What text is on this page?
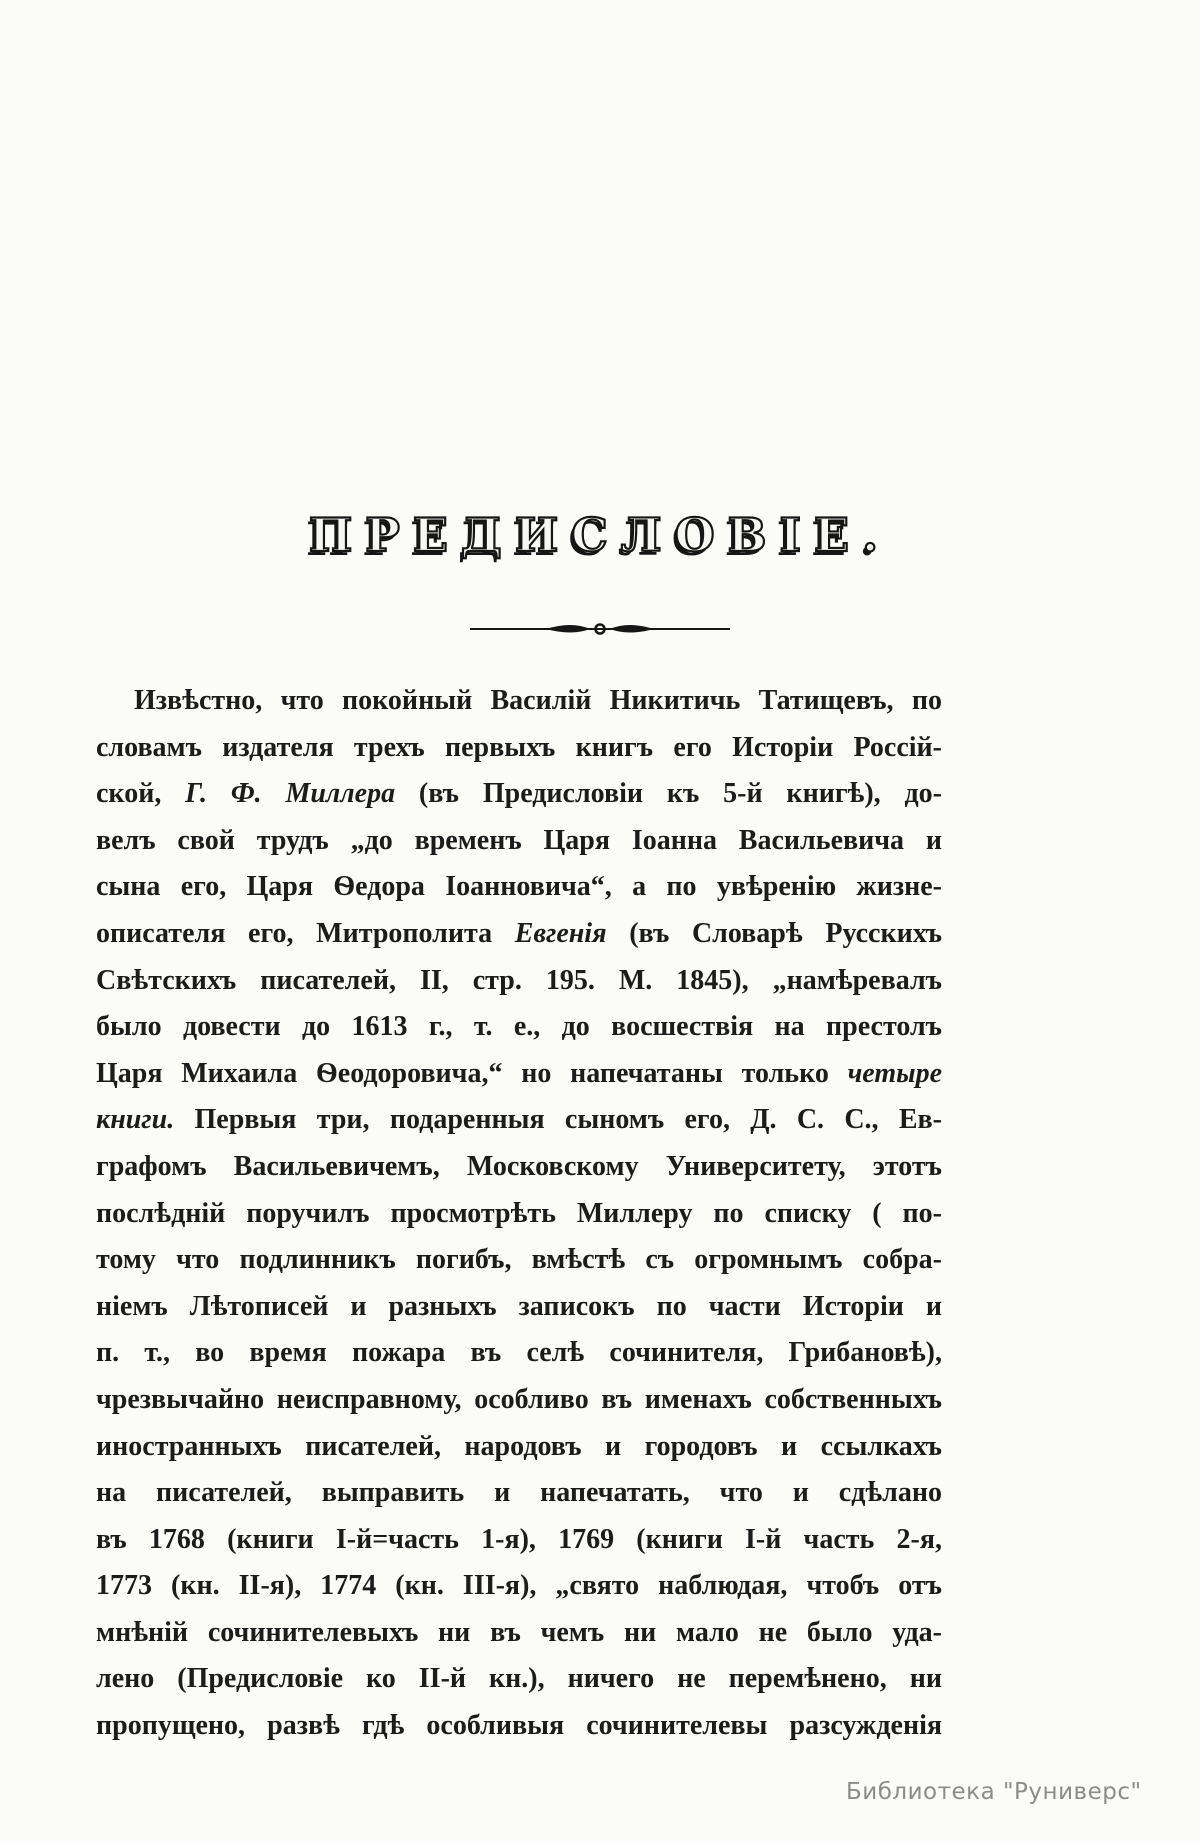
ПРЕДИСЛОВІЕ.
Извѣстно, что покойный Василій Никитичь Татищевъ, по
словамъ издателя трехъ первыхъ книгъ его Исторіи Россій-
ской, Г. Ф. Миллера (въ Предисловіи къ 5-й книгѣ), до-
велъ свой трудъ „до временъ Царя Іоанна Васильевича и
сына его, Царя Ѳедора Іоанновича“, а по увѣренію жизне-
описателя его, Митрополита Евгенія (въ Словарѣ Русскихъ
Свѣтскихъ писателей, II, стр. 195. М. 1845), „намѣревалъ
было довести до 1613 г., т. е., до восшествія на престолъ
Царя Михаила Ѳеодоровича,“ но напечатаны только четыре
книги. Первыя три, подаренныя сыномъ его, Д. С. С., Ев-
графомъ Васильевичемъ, Московскому Университету, этотъ
послѣдній поручилъ просмотрѣть Миллеру по списку ( по-
тому что подлинникъ погибъ, вмѣстѣ съ огромнымъ собра-
ніемъ Лѣтописей и разныхъ записокъ по части Исторіи и
п. т., во время пожара въ селѣ сочинителя, Грибановѣ),
чрезвычайно неисправному, особливо въ именахъ собственныхъ
иностранныхъ писателей, народовъ и городовъ и ссылкахъ
на писателей, выправить и напечатать, что и сдѣлано
въ 1768 (книги I-й=часть 1-я), 1769 (книги I-й часть 2-я,
1773 (кн. II-я), 1774 (кн. III-я), „свято наблюдая, чтобъ отъ
мнѣній сочинителевыхъ ни въ чемъ ни мало не было уда-
лено (Предисловіе ко II-й кн.), ничего не перемѣнено, ни
пропущено, развѣ гдѣ особливыя сочинителевы разсужденія
Библиотека "Руниверс"
